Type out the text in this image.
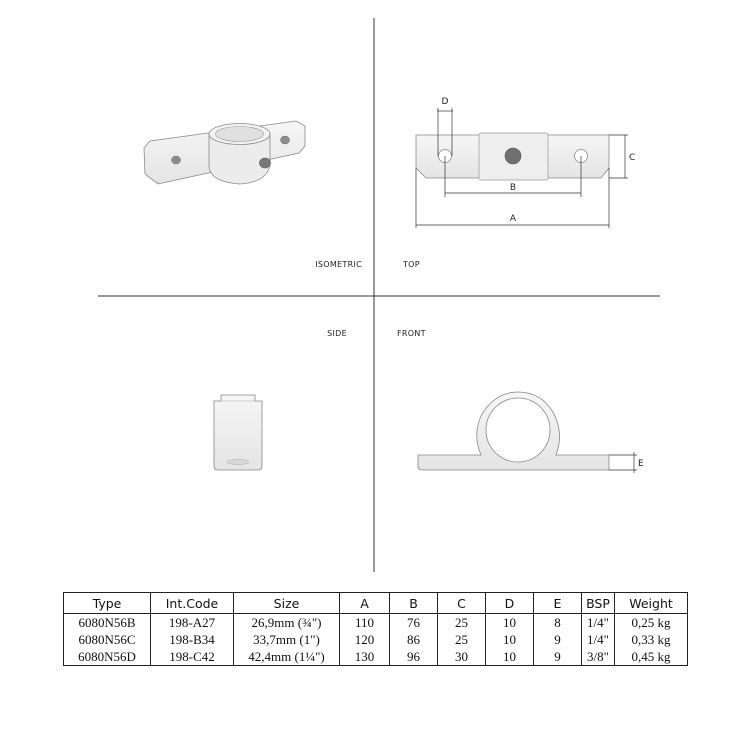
ISOMETRIC
D
B
A
C
TOP
SIDE	FRONT
E
Type	Int.Code	Size	A	B	C	D	E	BSP	Weight
6080N56B	198-A27	26,9mm (¾")	110	76	25	10	8	1/4"	0,25 kg
6080N56C	198-B34	33,7mm (1")	120	86	25	10	9	1/4"	0,33 kg
6080N56D	198-C42	42,4mm (1¼")	130	96	30	10	9	3/8"	0,45 kg
